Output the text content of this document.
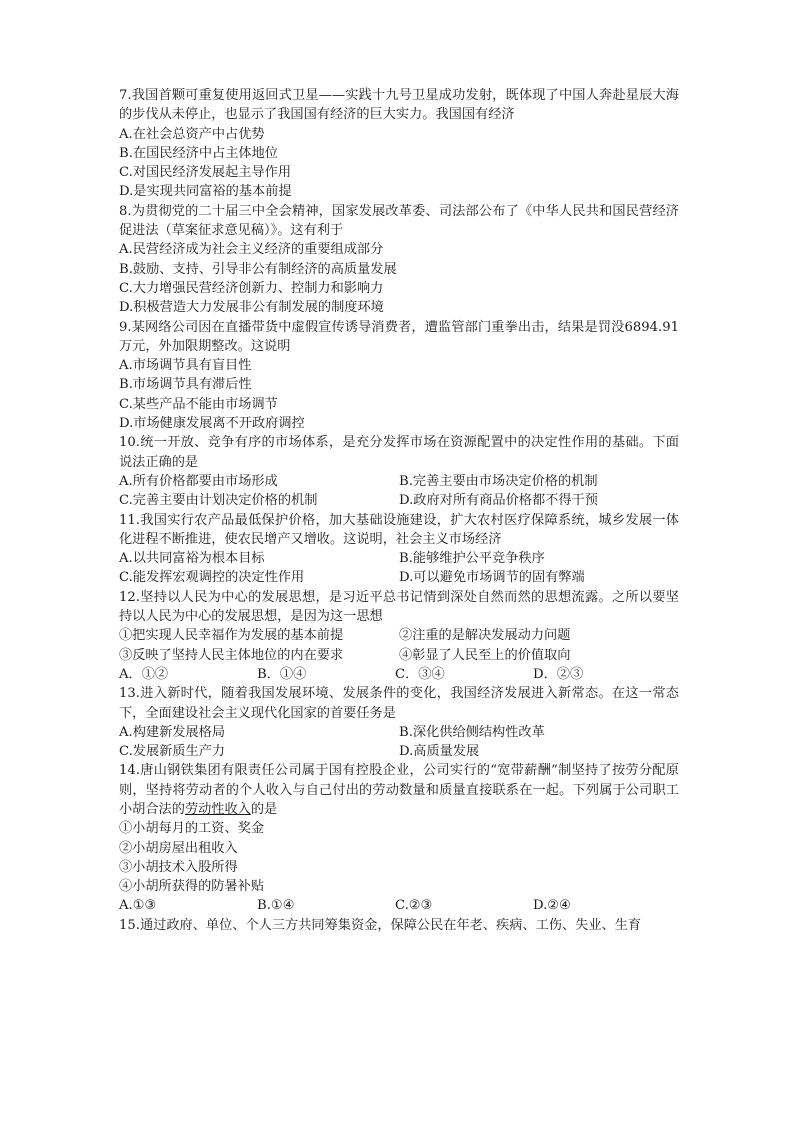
7.我国首颗可重复使用返回式卫星——实践十九号卫星成功发射，既体现了中国人奔赴星辰大海的步伐从未停止，也显示了我国国有经济的巨大实力。我国国有经济
A.在社会总资产中占优势
B.在国民经济中占主体地位
C.对国民经济发展起主导作用
D.是实现共同富裕的基本前提
8.为贯彻党的二十届三中全会精神，国家发展改革委、司法部公布了《中华人民共和国民营经济促进法（草案征求意见稿）》。这有利于
A.民营经济成为社会主义经济的重要组成部分
B.鼓励、支持、引导非公有制经济的高质量发展
C.大力增强民营经济创新力、控制力和影响力
D.积极营造大力发展非公有制发展的制度环境
9.某网络公司因在直播带货中虚假宣传诱导消费者，遭监管部门重拳出击，结果是罚没6894.91万元，外加限期整改。这说明
A.市场调节具有盲目性
B.市场调节具有滞后性
C.某些产品不能由市场调节
D.市场健康发展离不开政府调控
10.统一开放、竞争有序的市场体系，是充分发挥市场在资源配置中的决定性作用的基础。下面说法正确的是
A.所有价格都要由市场形成	B.完善主要由市场决定价格的机制
C.完善主要由计划决定价格的机制	D.政府对所有商品价格都不得干预
11.我国实行农产品最低保护价格，加大基础设施建设，扩大农村医疗保障系统，城乡发展一体化进程不断推进，使农民增产又增收。这说明，社会主义市场经济
A.以共同富裕为根本目标	B.能够维护公平竞争秩序
C.能发挥宏观调控的决定性作用	D.可以避免市场调节的固有弊端
12.坚持以人民为中心的发展思想，是习近平总书记情到深处自然而然的思想流露。之所以要坚持以人民为中心的发展思想，是因为这一思想
①把实现人民幸福作为发展的基本前提	②注重的是解决发展动力问题
③反映了坚持人民主体地位的内在要求	④彰显了人民至上的价值取向
A．①②	B．①④	C．③④	D．②③
13.进入新时代，随着我国发展环境、发展条件的变化，我国经济发展进入新常态。在这一常态下，全面建设社会主义现代化国家的首要任务是
A.构建新发展格局	B.深化供给侧结构性改革
C.发展新质生产力	D.高质量发展
14.唐山钢铁集团有限责任公司属于国有控股企业，公司实行的“宽带薪酬”制坚持了按劳分配原则，坚持将劳动者的个人收入与自己付出的劳动数量和质量直接联系在一起。下列属于公司职工小胡合法的劳动性收入的是
①小胡每月的工资、奖金
②小胡房屋出租收入
③小胡技术入股所得
④小胡所获得的防暑补贴
A.①③	B.①④	C.②③	D.②④
15.通过政府、单位、个人三方共同筹集资金，保障公民在年老、疾病、工伤、失业、生育
